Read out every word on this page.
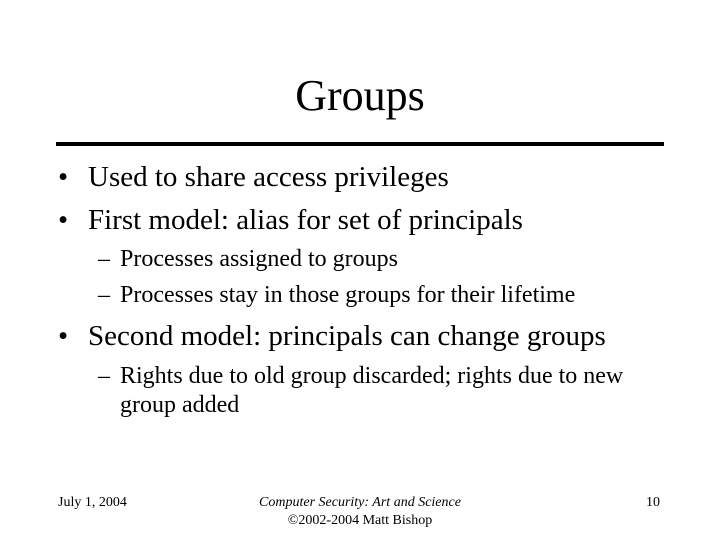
Groups
• Used to share access privileges
• First model: alias for set of principals
– Processes assigned to groups
– Processes stay in those groups for their lifetime
• Second model: principals can change groups
– Rights due to old group discarded; rights due to new group added
July 1, 2004	Computer Security: Art and Science
©2002-2004 Matt Bishop
10
